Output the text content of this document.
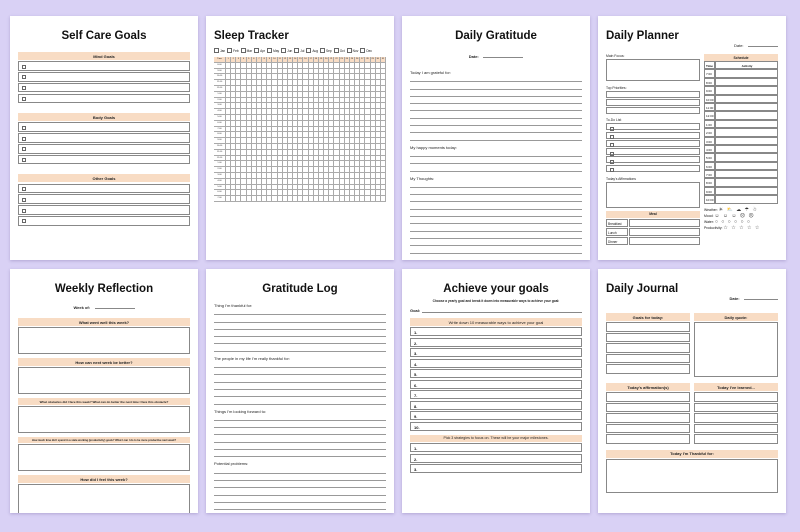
Self Care Goals
Mind Goals
Body Goals
Other Goals
Sleep Tracker
Jan	Feb	Mar	Apr	May	Jun	Jul	Aug	Sep	Oct	Nov	Dec
Time	1	2	3	4	5	6	7	8	9	10	11	12	13	14	15	16	17	18	19	20	21	22	23	24	25	26	27	28	29	30	31
8:00
9:00
10:00
11:00
12:00
1:00
2:00
3:00
4:00
5:00
6:00
7:00
8:00
9:00
10:00
11:00
12:00
1:00
2:00
3:00
4:00
5:00
6:00
7:00
Daily Gratitude
Date:
Today I am grateful for:
My happy moments today:
My Thoughts:
Daily Planner
Date:
Main Focus:
Top Priorities:
To-Do List
Today's Affirmations
Meal
Breakfast
Lunch
Dinner
Schedule
Time	Activity
7:00
8:00
9:00
10:00
11:00
12:00
1:00
2:00
3:00
4:00
5:00
6:00
7:00
8:00
9:00
10:00
Weather: ☀ ⛅ ☁ ☂ ☃
Mood: ☺ ☺ ☺ ☹ ☹
Water: ○ ○ ○ ○ ○ ○
Productivity: ☆ ☆ ☆ ☆ ☆
Weekly Reflection
Week of:
What went well this week?
How can next week be better?
What obstacles did I face this week? What can do better the next time I face this obstacle?
How much time did I spend in a state working (productivity) goals? What I can I do to be more productive next week?
How did I feel this week?
Gratitude Log
Thing I'm thankful for:
The people in my life I'm really thankful for:
Things I'm looking forward to:
Potential problems:
Achieve your goals
Choose a yearly goal and break it down into measurable ways to achieve your goal:
Goal:
Write down 10 measurable ways to achieve your goal
1.
2.
3.
4.
5.
6.
7.
8.
9.
10.
Pick 3 strategies to focus on. These will be your major milestones.
1.
2.
3.
Daily Journal
Date:
Goals for today:	Daily quote:
Today's affirmation(s)	Today I've learned...
Today I'm Thankful for:
